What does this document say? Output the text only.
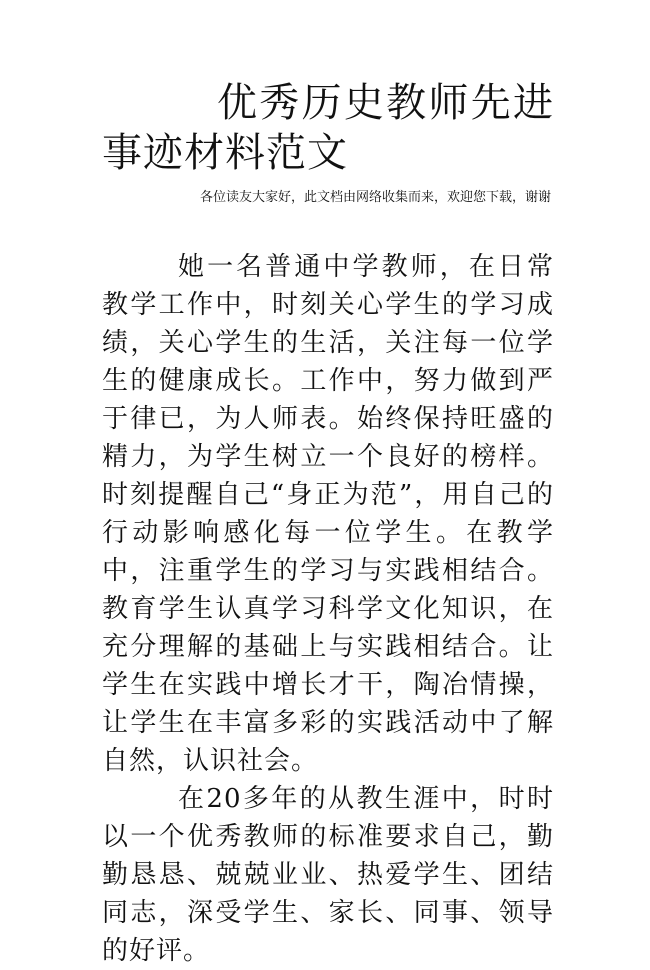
优秀历史教师先进事迹材料范文

各位读友大家好，此文档由网络收集而来，欢迎您下载，谢谢

她一名普通中学教师，在日常教学工作中，时刻关心学生的学习成绩，关心学生的生活，关注每一位学生的健康成长。工作中，努力做到严于律已，为人师表。始终保持旺盛的精力，为学生树立一个良好的榜样。时刻提醒自己“身正为范”，用自己的行动影响感化每一位学生。在教学中，注重学生的学习与实践相结合。教育学生认真学习科学文化知识，在充分理解的基础上与实践相结合。让学生在实践中增长才干，陶冶情操，让学生在丰富多彩的实践活动中了解自然，认识社会。

在20多年的从教生涯中，时时以一个优秀教师的标准要求自己，勤勤恳恳、兢兢业业、热爱学生、团结同志，深受学生、家长、同事、领导的好评。
